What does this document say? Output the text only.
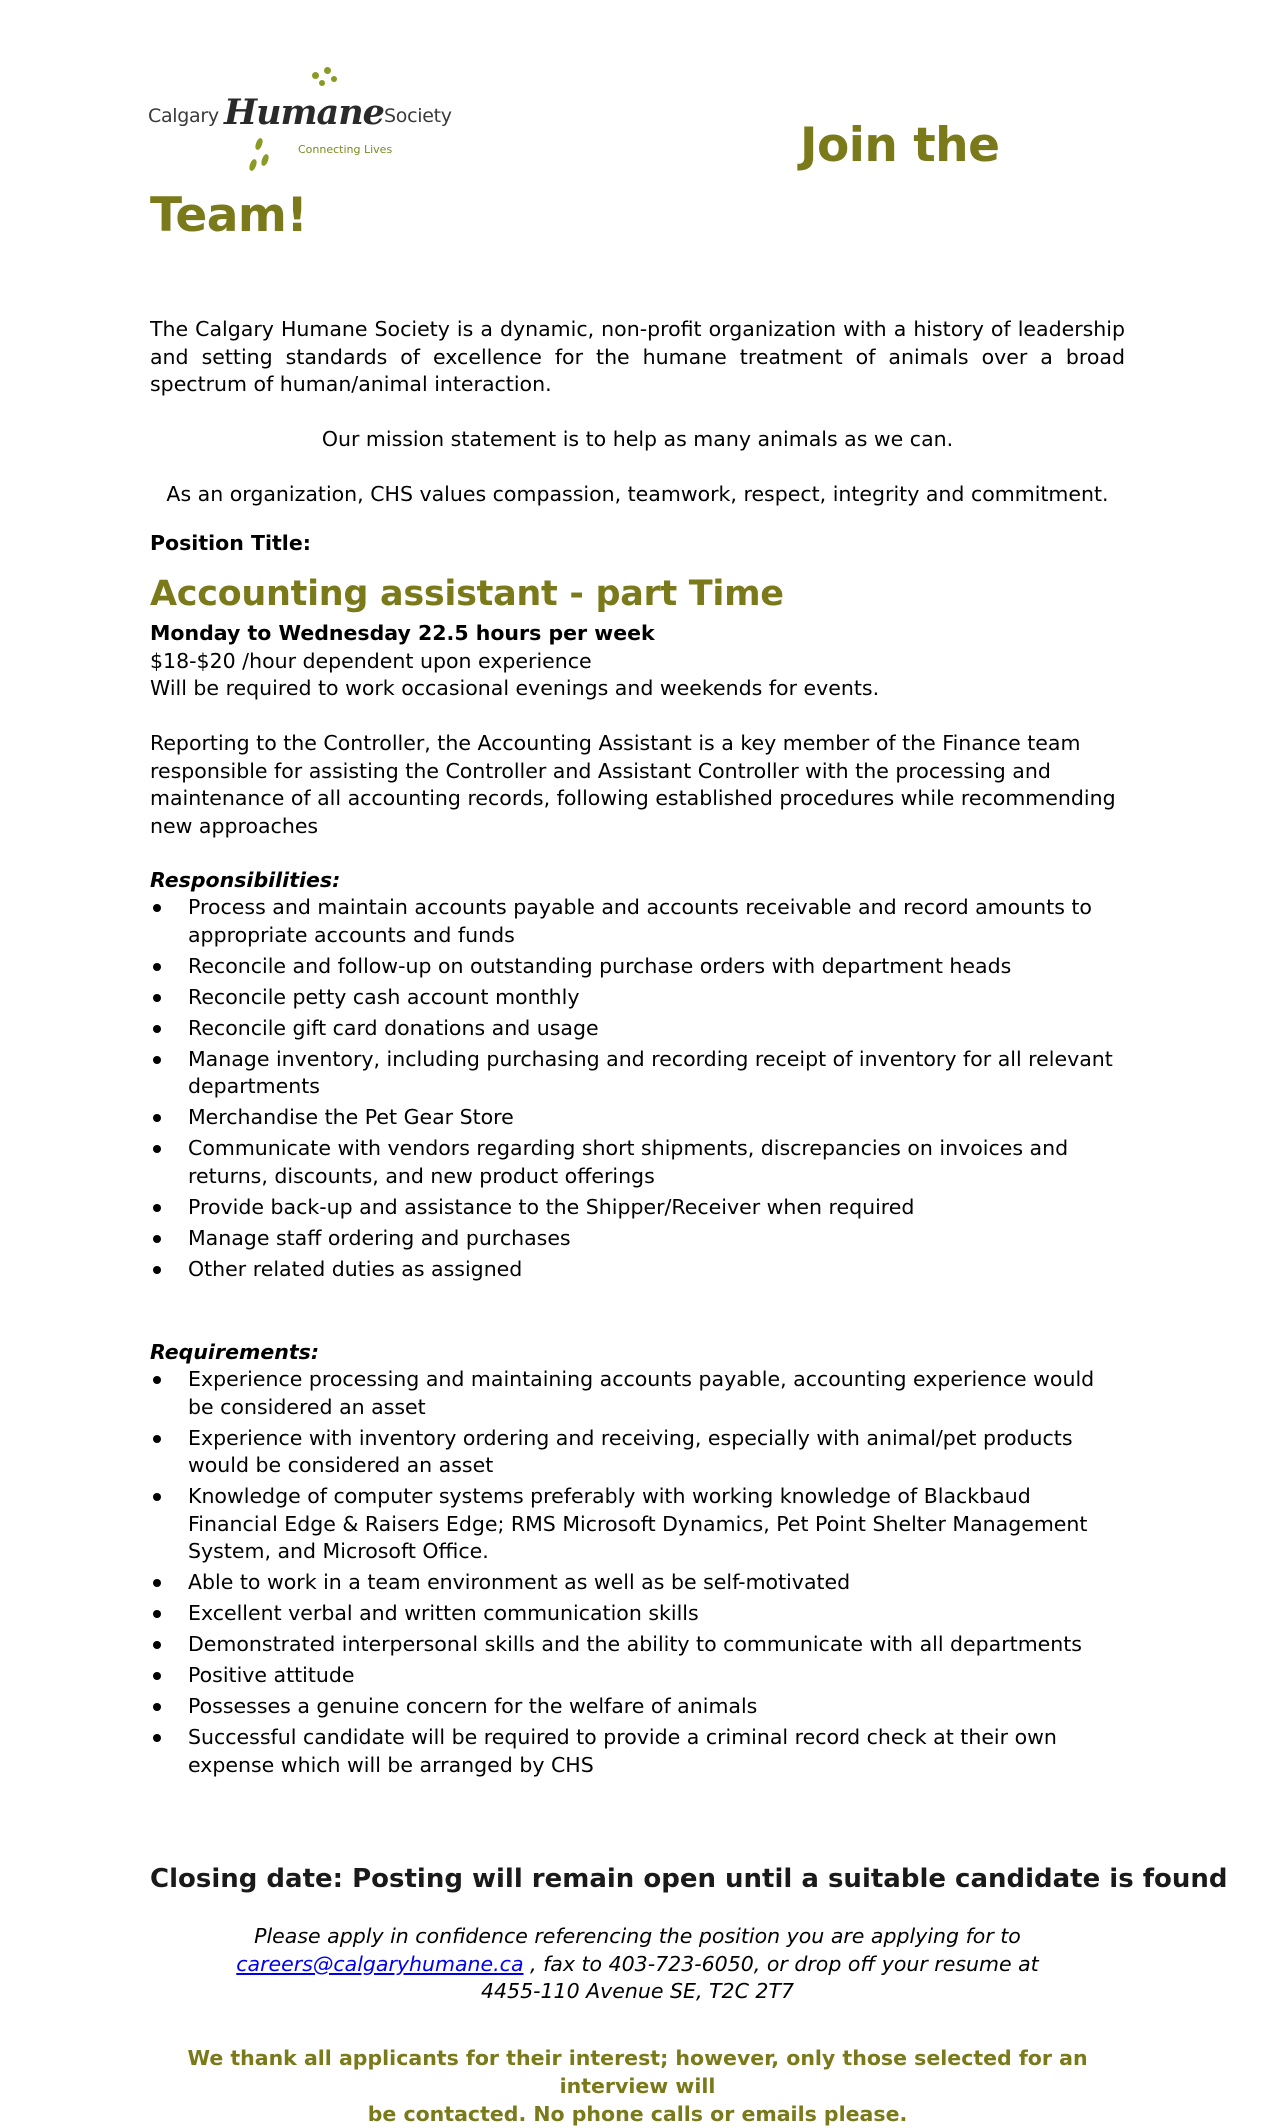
Calgary Humane Society
Connecting Lives	Join the
Team!
The Calgary Humane Society is a dynamic, non-profit organization with a history of leadership and setting standards of excellence for the humane treatment of animals over a broad spectrum of human/animal interaction.
Our mission statement is to help as many animals as we can.
As an organization, CHS values compassion, teamwork, respect, integrity and commitment.
Position Title:
Accounting assistant - part Time
Monday to Wednesday 22.5 hours per week
$18-$20 /hour dependent upon experience
Will be required to work occasional evenings and weekends for events.
Reporting to the Controller, the Accounting Assistant is a key member of the Finance team responsible for assisting the Controller and Assistant Controller with the processing and maintenance of all accounting records, following established procedures while recommending new approaches
Responsibilities:
Process and maintain accounts payable and accounts receivable and record amounts to appropriate accounts and funds
Reconcile and follow-up on outstanding purchase orders with department heads
Reconcile petty cash account monthly
Reconcile gift card donations and usage
Manage inventory, including purchasing and recording receipt of inventory for all relevant departments
Merchandise the Pet Gear Store
Communicate with vendors regarding short shipments, discrepancies on invoices and returns, discounts, and new product offerings
Provide back-up and assistance to the Shipper/Receiver when required
Manage staff ordering and purchases
Other related duties as assigned
Requirements:
Experience processing and maintaining accounts payable, accounting experience would be considered an asset
Experience with inventory ordering and receiving, especially with animal/pet products would be considered an asset
Knowledge of computer systems preferably with working knowledge of Blackbaud Financial Edge & Raisers Edge; RMS Microsoft Dynamics, Pet Point Shelter Management System, and Microsoft Office.
Able to work in a team environment as well as be self-motivated
Excellent verbal and written communication skills
Demonstrated interpersonal skills and the ability to communicate with all departments
Positive attitude
Possesses a genuine concern for the welfare of animals
Successful candidate will be required to provide a criminal record check at their own expense which will be arranged by CHS
Closing date: Posting will remain open until a suitable candidate is found
Please apply in confidence referencing the position you are applying for to
careers@calgaryhumane.ca , fax to 403-723-6050, or drop off your resume at
4455-110 Avenue SE, T2C 2T7
We thank all applicants for their interest; however, only those selected for an interview will
be contacted. No phone calls or emails please.
